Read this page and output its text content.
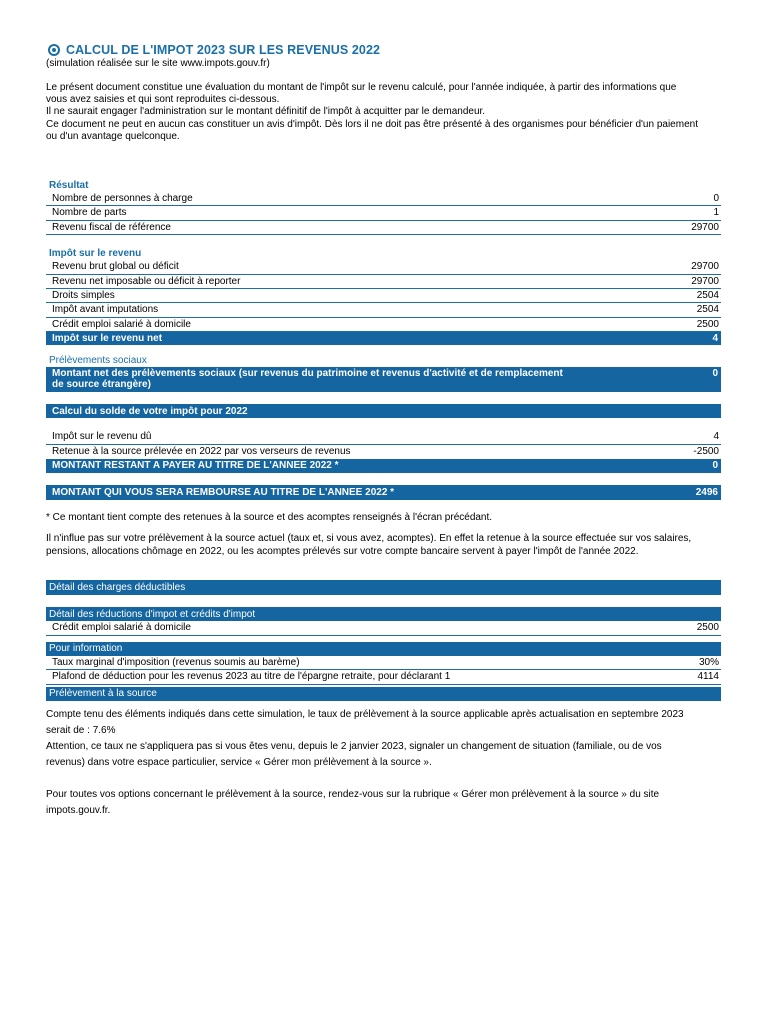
CALCUL DE L'IMPOT 2023 SUR LES REVENUS 2022
(simulation réalisée sur le site www.impots.gouv.fr)

Le présent document constitue une évaluation du montant de l'impôt sur le revenu calculé, pour l'année indiquée, à partir des informations que

vous avez saisies et qui sont reproduites ci-dessous.

Il ne saurait engager l'administration sur le montant définitif de l'impôt à acquitter par le demandeur.

Ce document ne peut en aucun cas constituer un avis d'impôt. Dès lors il ne doit pas être présenté à des organismes pour bénéficier d'un paiement

ou d'un avantage quelconque.

Résultat
Nombre de personnes à charge	0
Nombre de parts	1
Revenu fiscal de référence	29700
Impôt sur le revenu
Revenu brut global ou déficit	29700
Revenu net imposable ou déficit à reporter	29700
Droits simples	2504
Impôt avant imputations	2504
Crédit emploi salarié à domicile	2500
Impôt sur le revenu net	4
Prélèvements sociaux
Montant net des prélèvements sociaux (sur revenus du patrimoine et revenus d'activité et de remplacement
de source étrangère)
0
Calcul du solde de votre impôt pour 2022
Impôt sur le revenu dû	4
Retenue à la source prélevée en 2022 par vos verseurs de revenus	-2500
MONTANT RESTANT A PAYER AU TITRE DE L'ANNEE 2022 *	0
MONTANT QUI VOUS SERA REMBOURSE AU TITRE DE L'ANNEE 2022 *	2496
* Ce montant tient compte des retenues à la source et des acomptes renseignés à l'écran précédant.
Il n'influe pas sur votre prélèvement à la source actuel (taux et, si vous avez, acomptes). En effet la retenue à la source effectuée sur vos salaires,
pensions, allocations chômage en 2022, ou les acomptes prélevés sur votre compte bancaire servent à payer l'impôt de l'année 2022.
Détail des charges déductibles
Détail des réductions d'impot et crédits d'impot
Crédit emploi salarié à domicile	2500
Pour information
Taux marginal d'imposition (revenus soumis au barème)	30%
Plafond de déduction pour les revenus 2023 au titre de l'épargne retraite, pour déclarant 1	4114
Prélèvement à la source
Compte tenu des éléments indiqués dans cette simulation, le taux de prélèvement à la source applicable après actualisation en septembre 2023
serait de : 7.6%
Attention, ce taux ne s'appliquera pas si vous êtes venu, depuis le 2 janvier 2023, signaler un changement de situation (familiale, ou de vos
revenus) dans votre espace particulier, service « Gérer mon prélèvement à la source ».
Pour toutes vos options concernant le prélèvement à la source, rendez-vous sur la rubrique « Gérer mon prélèvement à la source » du site
impots.gouv.fr.
